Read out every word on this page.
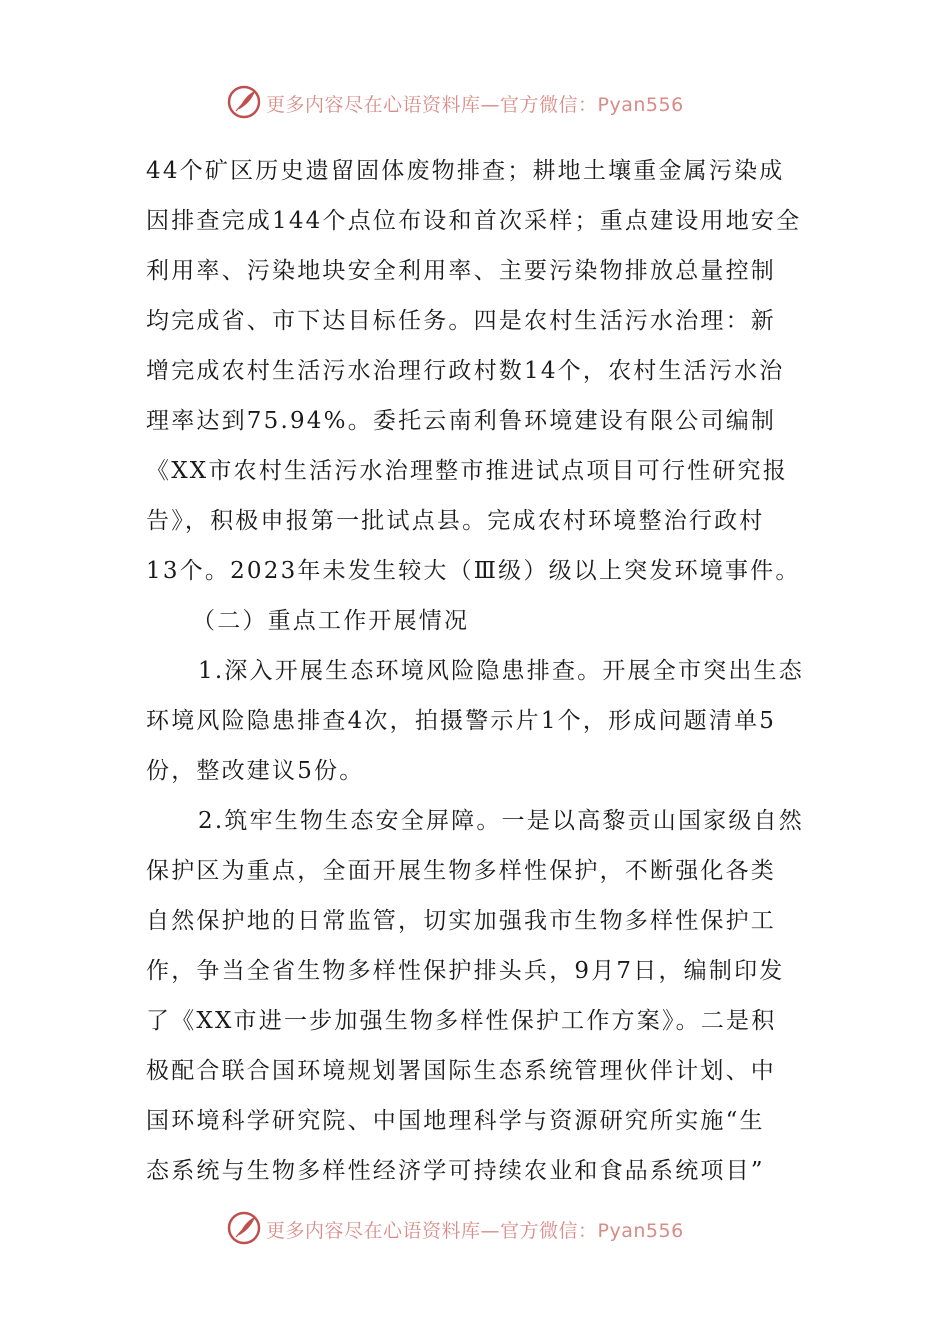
更多内容尽在心语资料库—官方微信：Pyan556
44个矿区历史遗留固体废物排查；耕地土壤重金属污染成
因排查完成144个点位布设和首次采样；重点建设用地安全
利用率、污染地块安全利用率、主要污染物排放总量控制
均完成省、市下达目标任务。四是农村生活污水治理：新
增完成农村生活污水治理行政村数14个，农村生活污水治
理率达到75.94%。委托云南利鲁环境建设有限公司编制
《XX市农村生活污水治理整市推进试点项目可行性研究报
告》，积极申报第一批试点县。完成农村环境整治行政村
13个。2023年未发生较大（Ⅲ级）级以上突发环境事件。
（二）重点工作开展情况
1.深入开展生态环境风险隐患排查。开展全市突出生态
环境风险隐患排查4次，拍摄警示片1个，形成问题清单5
份，整改建议5份。
2.筑牢生物生态安全屏障。一是以高黎贡山国家级自然
保护区为重点，全面开展生物多样性保护，不断强化各类
自然保护地的日常监管，切实加强我市生物多样性保护工
作，争当全省生物多样性保护排头兵，9月7日，编制印发
了《XX市进一步加强生物多样性保护工作方案》。二是积
极配合联合国环境规划署国际生态系统管理伙伴计划、中
国环境科学研究院、中国地理科学与资源研究所实施“生
态系统与生物多样性经济学可持续农业和食品系统项目”
更多内容尽在心语资料库—官方微信：Pyan556
